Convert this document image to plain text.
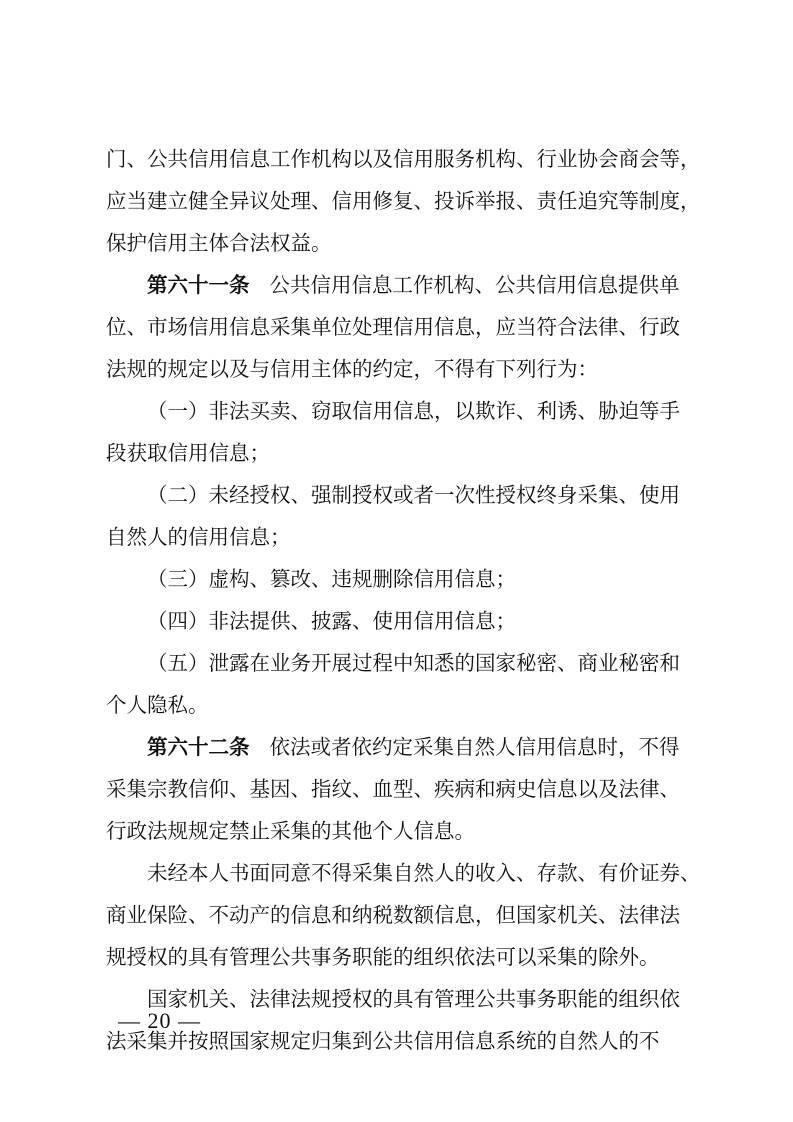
门、公共信用信息工作机构以及信用服务机构、行业协会商会等，
应当建立健全异议处理、信用修复、投诉举报、责任追究等制度，
保护信用主体合法权益。
第六十一条 公共信用信息工作机构、公共信用信息提供单
位、市场信用信息采集单位处理信用信息，应当符合法律、行政
法规的规定以及与信用主体的约定，不得有下列行为：
（一）非法买卖、窃取信用信息，以欺诈、利诱、胁迫等手
段获取信用信息；
（二）未经授权、强制授权或者一次性授权终身采集、使用
自然人的信用信息；
（三）虚构、篡改、违规删除信用信息；
（四）非法提供、披露、使用信用信息；
（五）泄露在业务开展过程中知悉的国家秘密、商业秘密和
个人隐私。
第六十二条 依法或者依约定采集自然人信用信息时，不得
采集宗教信仰、基因、指纹、血型、疾病和病史信息以及法律、
行政法规规定禁止采集的其他个人信息。
未经本人书面同意不得采集自然人的收入、存款、有价证券、
商业保险、不动产的信息和纳税数额信息，但国家机关、法律法
规授权的具有管理公共事务职能的组织依法可以采集的除外。
国家机关、法律法规授权的具有管理公共事务职能的组织依
法采集并按照国家规定归集到公共信用信息系统的自然人的不
— 20 —
